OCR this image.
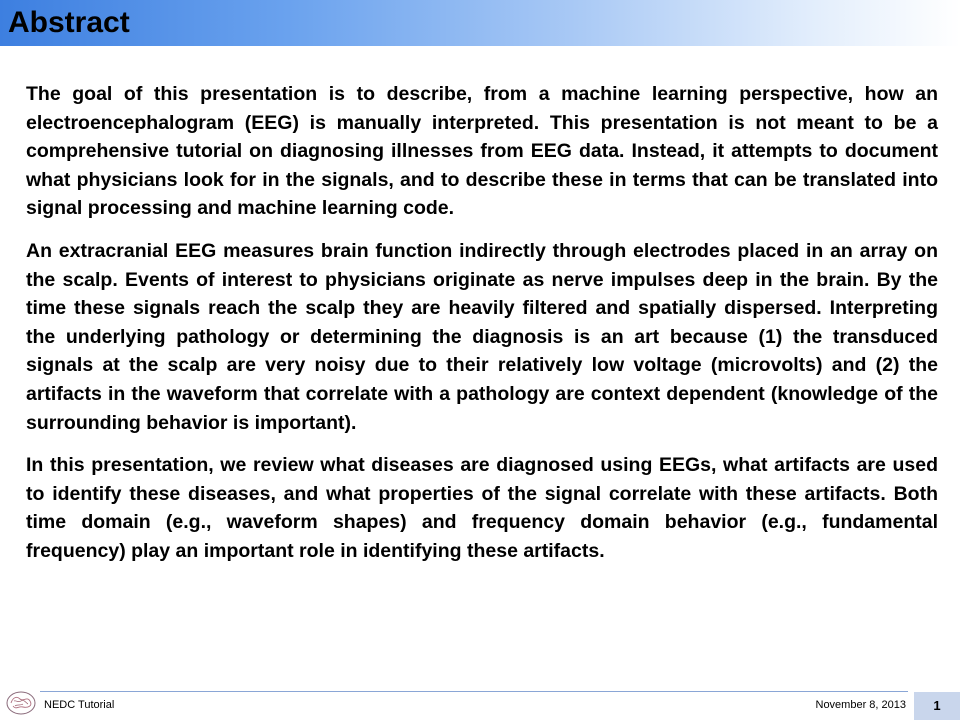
Abstract

The goal of this presentation is to describe, from a machine learning perspective, how an electroencephalogram (EEG) is manually interpreted. This presentation is not meant to be a comprehensive tutorial on diagnosing illnesses from EEG data. Instead, it attempts to document what physicians look for in the signals, and to describe these in terms that can be translated into signal processing and machine learning code.

An extracranial EEG measures brain function indirectly through electrodes placed in an array on the scalp. Events of interest to physicians originate as nerve impulses deep in the brain. By the time these signals reach the scalp they are heavily filtered and spatially dispersed. Interpreting the underlying pathology or determining the diagnosis is an art because (1) the transduced signals at the scalp are very noisy due to their relatively low voltage (microvolts) and (2) the artifacts in the waveform that correlate with a pathology are context dependent (knowledge of the surrounding behavior is important).

In this presentation, we review what diseases are diagnosed using EEGs, what artifacts are used to identify these diseases, and what properties of the signal correlate with these artifacts. Both time domain (e.g., waveform shapes) and frequency domain behavior (e.g., fundamental frequency) play an important role in identifying these artifacts.

NEDC Tutorial	November 8, 2013	1
